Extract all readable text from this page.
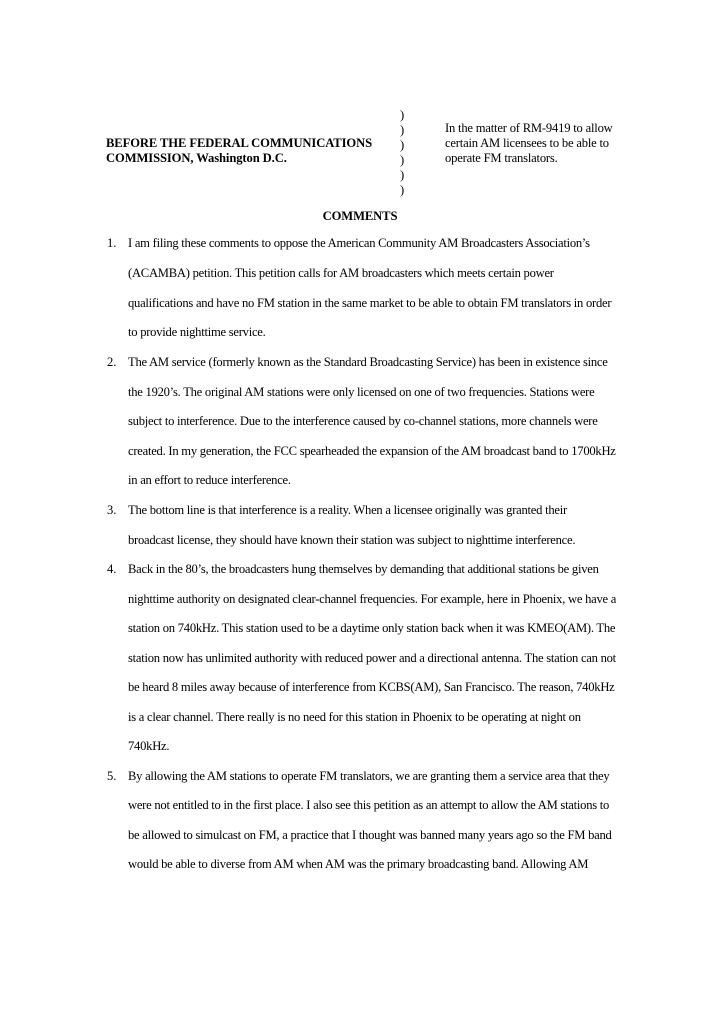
BEFORE THE FEDERAL COMMUNICATIONS
COMMISSION, Washington D.C.
)
)
)
)
)
)
In the matter of RM-9419 to allow
certain AM licensees to be able to
operate FM translators.
COMMENTS
1. I am filing these comments to oppose the American Community AM Broadcasters Association’s
(ACAMBA) petition. This petition calls for AM broadcasters which meets certain power
qualifications and have no FM station in the same market to be able to obtain FM translators in order
to provide nighttime service.
2. The AM service (formerly known as the Standard Broadcasting Service) has been in existence since
the 1920’s. The original AM stations were only licensed on one of two frequencies. Stations were
subject to interference. Due to the interference caused by co-channel stations, more channels were
created. In my generation, the FCC spearheaded the expansion of the AM broadcast band to 1700kHz
in an effort to reduce interference.
3. The bottom line is that interference is a reality. When a licensee originally was granted their
broadcast license, they should have known their station was subject to nighttime interference.
4. Back in the 80’s, the broadcasters hung themselves by demanding that additional stations be given
nighttime authority on designated clear-channel frequencies. For example, here in Phoenix, we have a
station on 740kHz. This station used to be a daytime only station back when it was KMEO(AM). The
station now has unlimited authority with reduced power and a directional antenna. The station can not
be heard 8 miles away because of interference from KCBS(AM), San Francisco. The reason, 740kHz
is a clear channel. There really is no need for this station in Phoenix to be operating at night on
740kHz.
5. By allowing the AM stations to operate FM translators, we are granting them a service area that they
were not entitled to in the first place. I also see this petition as an attempt to allow the AM stations to
be allowed to simulcast on FM, a practice that I thought was banned many years ago so the FM band
would be able to diverse from AM when AM was the primary broadcasting band. Allowing AM
